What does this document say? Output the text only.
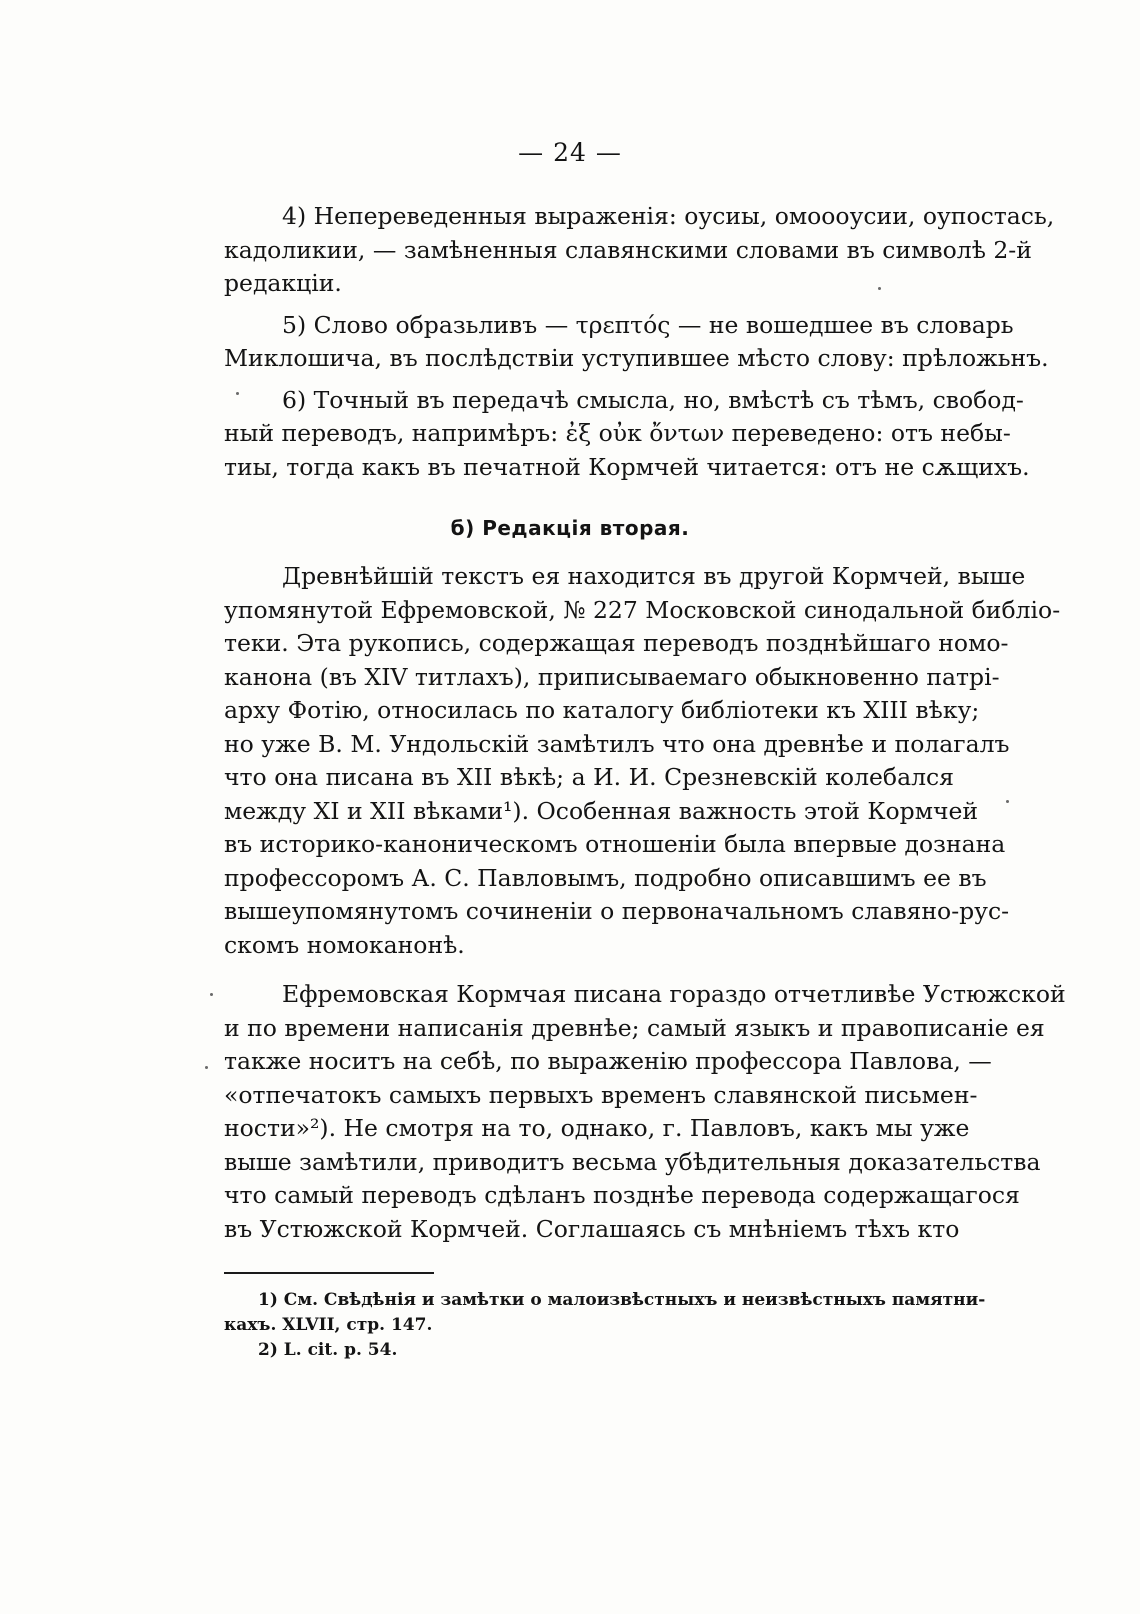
— 24 —
4) Непереведенныя выраженія: оусиы, омоооусии, оупостась,
кадоликии, — замѣненныя славянскими словами въ символѣ 2-й
редакціи.
5) Слово образьливъ — τρεπτός — не вошедшее въ словарь
Миклошича, въ послѣдствіи уступившее мѣсто слову: прѣложьнъ.
6) Точный въ передачѣ смысла, но, вмѣстѣ съ тѣмъ, свобод-
ный переводъ, напримѣръ: ἐξ οὐκ ὄντων переведено: отъ небы-
тиы, тогда какъ въ печатной Кормчей читается: отъ не сѫщихъ.
б) Редакція вторая.
Древнѣйшій текстъ ея находится въ другой Кормчей, выше
упомянутой Ефремовской, № 227 Московской синодальной библіо-
теки. Эта рукопись, содержащая переводъ позднѣйшаго номо-
канона (въ XIV титлахъ), приписываемаго обыкновенно патрі-
арху Фотію, относилась по каталогу библіотеки къ XIII вѣку;
но уже В. М. Ундольскій замѣтилъ что она древнѣе и полагалъ
что она писана въ XII вѣкѣ; а И. И. Срезневскій колебался
между XI и XII вѣками¹). Особенная важность этой Кормчей
въ историко-каноническомъ отношеніи была впервые дознана
профессоромъ А. С. Павловымъ, подробно описавшимъ ее въ
вышеупомянутомъ сочиненіи о первоначальномъ славяно-рус-
скомъ номоканонѣ.
Ефремовская Кормчая писана гораздо отчетливѣе Устюжской
и по времени написанія древнѣе; самый языкъ и правописаніе ея
также носитъ на себѣ, по выраженію профессора Павлова, —
«отпечатокъ самыхъ первыхъ временъ славянской письмен-
ности»²). Не смотря на то, однако, г. Павловъ, какъ мы уже
выше замѣтили, приводитъ весьма убѣдительныя доказательства
что самый переводъ сдѣланъ позднѣе перевода содержащагося
въ Устюжской Кормчей. Соглашаясь съ мнѣніемъ тѣхъ кто
1) См. Свѣдѣнія и замѣтки о малоизвѣстныхъ и неизвѣстныхъ памятни-
кахъ. XLVII, стр. 147.
2) L. cit. p. 54.
